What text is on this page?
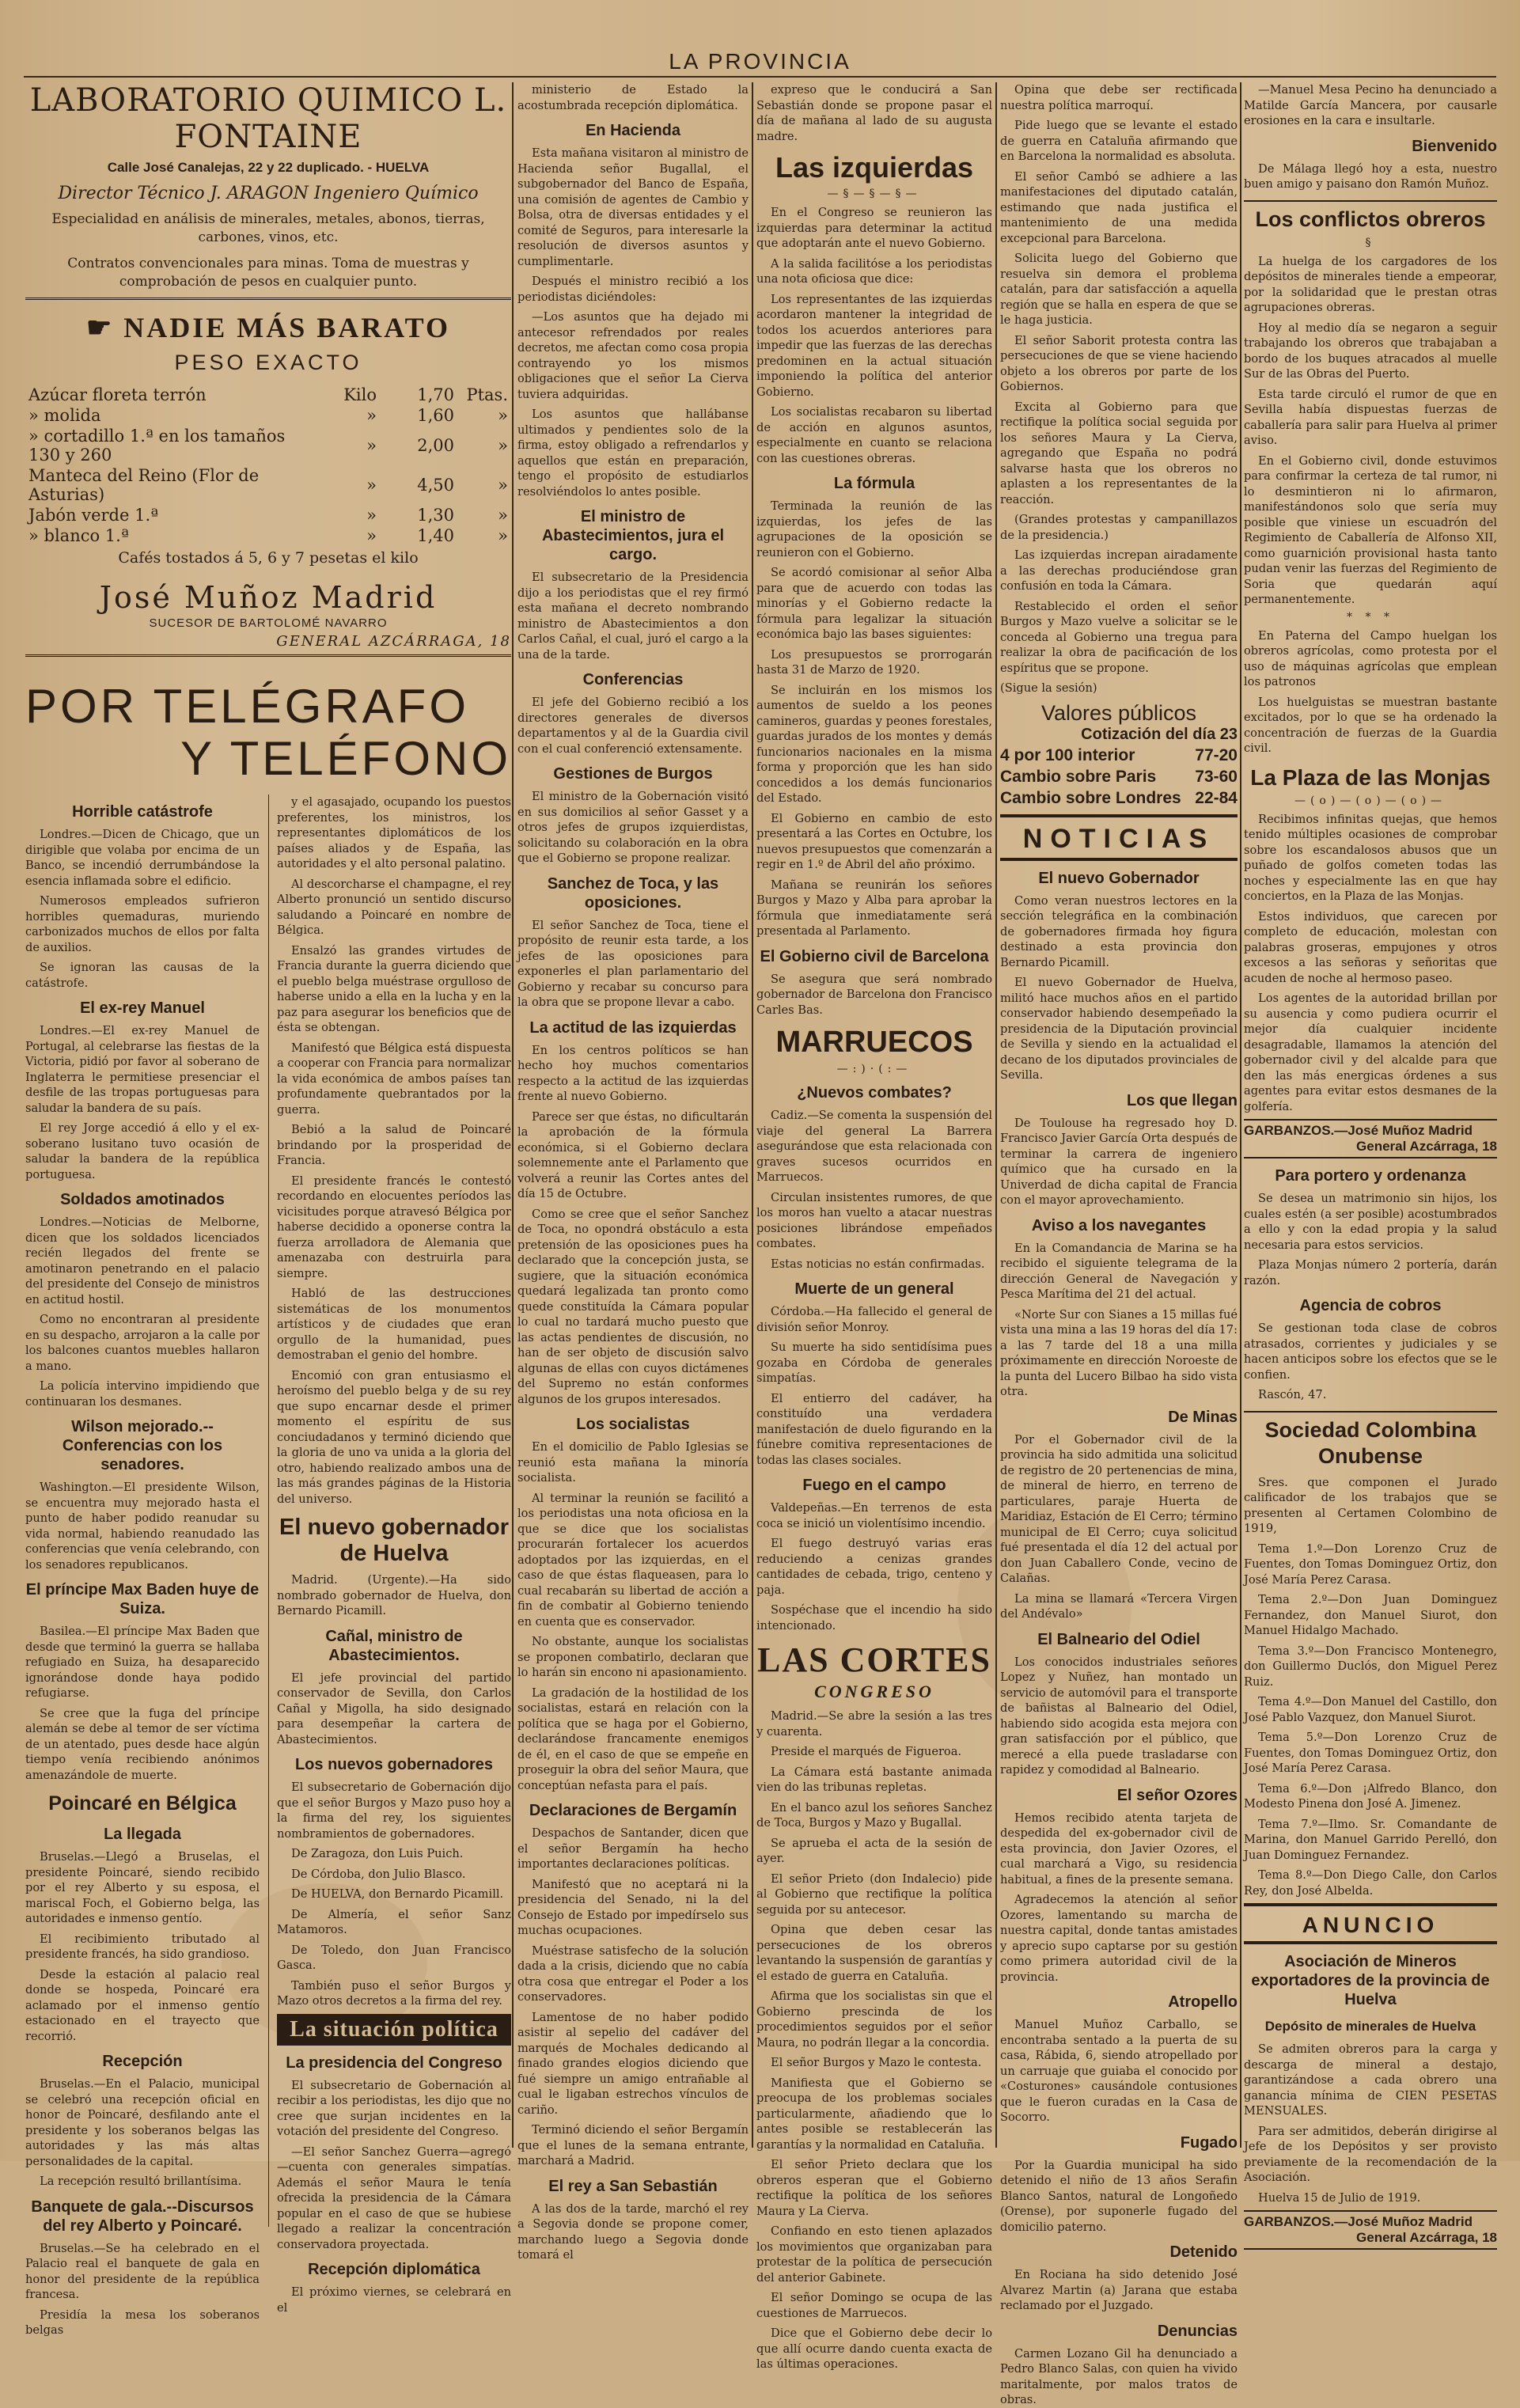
LA PROVINCIA
LABORATORIO QUIMICO L. FONTAINE
Calle José Canalejas, 22 y 22 duplicado. - HUELVA
Director Técnico J. ARAGON Ingeniero Químico
Especialidad en análisis de minerales, metales, abonos, tierras, carbones, vinos, etc.
Contratos convencionales para minas. Toma de muestras y comprobación de pesos en cualquier punto.
☛ NADIE MÁS BARATO
PESO EXACTO
Azúcar floreta terrón	Kilo	1,70	Ptas.
» molida	»	1,60	»
» cortadillo 1.ª en los tamaños 130 y 260	»	2,00	»
Manteca del Reino (Flor de Asturias)	»	4,50	»
Jabón verde 1.ª	»	1,30	»
» blanco 1.ª	»	1,40	»
Cafés tostados á 5, 6 y 7 pesetas el kilo
José Muñoz Madrid
SUCESOR DE BARTOLOMÉ NAVARRO
GENERAL AZCÁRRAGA, 18
POR TELÉGRAFO
Y TELÉFONO
Horrible catástrofe

Londres.—Dicen de Chicago, que un dirigible que volaba por encima de un Banco, se incendió derrumbándose la esencia inflamada sobre el edificio.

Numerosos empleados sufrieron horribles quemaduras, muriendo carbonizados muchos de ellos por falta de auxilios.

Se ignoran las causas de la catástrofe.

El ex-rey Manuel

Londres.—El ex-rey Manuel de Portugal, al celebrarse las fiestas de la Victoria, pidió por favor al soberano de Inglaterra le permitiese presenciar el desfile de las tropas portuguesas para saludar la bandera de su país.

El rey Jorge accedió á ello y el ex-soberano lusitano tuvo ocasión de saludar la bandera de la república portuguesa.

Soldados amotinados

Londres.—Noticias de Melborne, dicen que los soldados licenciados recién llegados del frente se amotinaron penetrando en el palacio del presidente del Consejo de ministros en actitud hostil.

Como no encontraran al presidente en su despacho, arrojaron a la calle por los balcones cuantos muebles hallaron a mano.

La policía intervino impidiendo que continuaran los desmanes.

Wilson mejorado.--Conferencias con los senadores.

Washington.—El presidente Wilson, se encuentra muy mejorado hasta el punto de haber podido reanudar su vida normal, habiendo reanudado las conferencias que venía celebrando, con los senadores republicanos.

El príncipe Max Baden huye de Suiza.

Basilea.—El príncipe Max Baden que desde que terminó la guerra se hallaba refugiado en Suiza, ha desaparecido ignorándose donde haya podido refugiarse.

Se cree que la fuga del príncipe alemán se debe al temor de ser víctima de un atentado, pues desde hace algún tiempo venía recibiendo anónimos amenazándole de muerte.

Poincaré en Bélgica
La llegada

Bruselas.—Llegó a Bruselas, el presidente Poincaré, siendo recibido por el rey Alberto y su esposa, el mariscal Foch, el Gobierno belga, las autoridades e inmenso gentío.

El recibimiento tributado al presidente francés, ha sido grandioso.

Desde la estación al palacio real donde se hospeda, Poincaré era aclamado por el inmenso gentío estacionado en el trayecto que recorrió.

Recepción

Bruselas.—En el Palacio, municipal se celebró una recepción oficial en honor de Poincaré, desfilando ante el presidente y los soberanos belgas las autoridades y las más altas personalidades de la capital.

La recepción resultó brillantísima.

Banquete de gala.--Discursos del rey Alberto y Poincaré.

Bruselas.—Se ha celebrado en el Palacio real el banquete de gala en honor del presidente de la república francesa.

Presidía la mesa los soberanos belgas

y el agasajado, ocupando los puestos preferentes, los ministros, los representantes diplomáticos de los países aliados y de España, las autoridades y el alto personal palatino.

Al descorcharse el champagne, el rey Alberto pronunció un sentido discurso saludando a Poincaré en nombre de Bélgica.

Ensalzó las grandes virtudes de Francia durante la guerra diciendo que el pueblo belga muéstrase orgulloso de haberse unido a ella en la lucha y en la paz para asegurar los beneficios que de ésta se obtengan.

Manifestó que Bélgica está dispuesta a cooperar con Francia para normalizar la vida económica de ambos países tan profundamente quebrantados por la guerra.

Bebió a la salud de Poincaré brindando por la prosperidad de Francia.

El presidente francés le contestó recordando en elocuentes períodos las vicisitudes porque atravesó Bélgica por haberse decidido a oponerse contra la fuerza arrolladora de Alemania que amenazaba con destruirla para siempre.

Habló de las destrucciones sistemáticas de los monumentos artísticos y de ciudades que eran orgullo de la humanidad, pues demostraban el genio del hombre.

Encomió con gran entusiasmo el heroísmo del pueblo belga y de su rey que supo encarnar desde el primer momento el espíritu de sus conciudadanos y terminó diciendo que la gloria de uno va unida a la gloria del otro, habiendo realizado ambos una de las más grandes páginas de la Historia del universo.

El nuevo gobernador de Huelva

Madrid. (Urgente).—Ha sido nombrado gobernador de Huelva, don Bernardo Picamill.

Cañal, ministro de Abastecimientos.

El jefe provincial del partido conservador de Sevilla, don Carlos Cañal y Migolla, ha sido designado para desempeñar la cartera de Abastecimientos.

Los nuevos gobernadores

El subsecretario de Gobernación dijo que el señor Burgos y Mazo puso hoy a la firma del rey, los siguientes nombramientos de gobernadores.

De Zaragoza, don Luis Puich.

De Córdoba, don Julio Blasco.

De HUELVA, don Bernardo Picamill.

De Almería, el señor Sanz Matamoros.

De Toledo, don Juan Francisco Gasca.

También puso el señor Burgos y Mazo otros decretos a la firma del rey.

La situación política
La presidencia del Congreso

El subsecretario de Gobernación al recibir a los periodistas, les dijo que no cree que surjan incidentes en la votación del presidente del Congreso.

—El señor Sanchez Guerra—agregó—cuenta con generales simpatías. Además el señor Maura le tenía ofrecida la presidencia de la Cámara popular en el caso de que se hubiese llegado a realizar la concentración conservadora proyectada.

Recepción diplomática

El próximo viernes, se celebrará en el

ministerio de Estado la acostumbrada recepción diplomática.

En Hacienda

Esta mañana visitaron al ministro de Hacienda señor Bugallal, el subgobernador del Banco de España, una comisión de agentes de Cambio y Bolsa, otra de diversas entidades y el comité de Seguros, para interesarle la resolución de diversos asuntos y cumplimentarle.

Después el ministro recibió a los periodistas diciéndoles:

—Los asuntos que ha dejado mi antecesor refrendados por reales decretos, me afectan como cosa propia contrayendo yo los mismos obligaciones que el señor La Cierva tuviera adquiridas.

Los asuntos que hallábanse ultimados y pendientes solo de la firma, estoy obligado a refrendarlos y aquellos que están en preparación, tengo el propósito de estudiarlos resolviéndolos lo antes posible.

El ministro de Abastecimientos, jura el cargo.

El subsecretario de la Presidencia dijo a los periodistas que el rey firmó esta mañana el decreto nombrando ministro de Abastecimientos a don Carlos Cañal, el cual, juró el cargo a la una de la tarde.

Conferencias

El jefe del Gobierno recibió a los directores generales de diversos departamentos y al de la Guardia civil con el cual conferenció extensamente.

Gestiones de Burgos

El ministro de la Gobernación visitó en sus domicilios al señor Gasset y a otros jefes de grupos izquierdistas, solicitando su colaboración en la obra que el Gobierno se propone realizar.

Sanchez de Toca, y las oposiciones.

El señor Sanchez de Toca, tiene el propósito de reunir esta tarde, a los jefes de las oposiciones para exponerles el plan parlamentario del Gobierno y recabar su concurso para la obra que se propone llevar a cabo.

La actitud de las izquierdas

En los centros políticos se han hecho hoy muchos comentarios respecto a la actitud de las izquierdas frente al nuevo Gobierno.

Parece ser que éstas, no dificultarán la aprobación de la fórmula económica, si el Gobierno declara solemnemente ante el Parlamento que volverá a reunir las Cortes antes del día 15 de Octubre.

Como se cree que el señor Sanchez de Toca, no opondrá obstáculo a esta pretensión de las oposiciones pues ha declarado que la concepción justa, se sugiere, que la situación económica quedará legalizada tan pronto como quede constituída la Cámara popular lo cual no tardará mucho puesto que las actas pendientes de discusión, no han de ser objeto de discusión salvo algunas de ellas con cuyos dictámenes del Supremo no están conformes algunos de los grupos interesados.

Los socialistas

En el domicilio de Pablo Iglesias se reunió esta mañana la minoría socialista.

Al terminar la reunión se facilitó a los periodistas una nota oficiosa en la que se dice que los socialistas procurarán fortalecer los acuerdos adoptados por las izquierdas, en el caso de que éstas flaqueasen, para lo cual recabarán su libertad de acción a fin de combatir al Gobierno teniendo en cuenta que es conservador.

No obstante, aunque los socialistas se proponen combatirlo, declaran que lo harán sin encono ni apasionamiento.

La gradación de la hostilidad de los socialistas, estará en relación con la política que se haga por el Gobierno, declarándose francamente enemigos de él, en el caso de que se empeñe en proseguir la obra del señor Maura, que conceptúan nefasta para el país.

Declaraciones de Bergamín

Despachos de Santander, dicen que el señor Bergamín ha hecho importantes declaraciones políticas.

Manifestó que no aceptará ni la presidencia del Senado, ni la del Consejo de Estado por impedírselo sus muchas ocupaciones.

Muéstrase satisfecho de la solución dada a la crisis, diciendo que no cabía otra cosa que entregar el Poder a los conservadores.

Lamentose de no haber podido asistir al sepelio del cadáver del marqués de Mochales dedicando al finado grandes elogios diciendo que fué siempre un amigo entrañable al cual le ligaban estrechos vínculos de cariño.

Terminó diciendo el señor Bergamín que el lunes de la semana entrante, marchará a Madrid.

El rey a San Sebastián

A las dos de la tarde, marchó el rey a Segovia donde se propone comer, marchando luego a Segovia donde tomará el

expreso que le conducirá a San Sebastián donde se propone pasar el día de mañana al lado de su augusta madre.

Las izquierdas
—§—§—§—

En el Congreso se reunieron las izquierdas para determinar la actitud que adoptarán ante el nuevo Gobierno.

A la salida facilitóse a los periodistas una nota oficiosa que dice:

Los representantes de las izquierdas acordaron mantener la integridad de todos los acuerdos anteriores para impedir que las fuerzas de las derechas predominen en la actual situación imponiendo la política del anterior Gobierno.

Los socialistas recabaron su libertad de acción en algunos asuntos, especialmente en cuanto se relaciona con las cuestiones obreras.

La fórmula

Terminada la reunión de las izquierdas, los jefes de las agrupaciones de la oposición se reunieron con el Gobierno.

Se acordó comisionar al señor Alba para que de acuerdo con todas las minorías y el Gobierno redacte la fórmula para legalizar la situación económica bajo las bases siguientes:

Los presupuestos se prorrogarán hasta 31 de Marzo de 1920.

Se incluirán en los mismos los aumentos de sueldo a los peones camineros, guardas y peones forestales, guardas jurados de los montes y demás funcionarios nacionales en la misma forma y proporción que les han sido concedidos a los demás funcionarios del Estado.

El Gobierno en cambio de esto presentará a las Cortes en Octubre, los nuevos presupuestos que comenzarán a regir en 1.º de Abril del año próximo.

Mañana se reunirán los señores Burgos y Mazo y Alba para aprobar la fórmula que inmediatamente será presentada al Parlamento.

El Gobierno civil de Barcelona

Se asegura que será nombrado gobernador de Barcelona don Francisco Carles Bas.

MARRUECOS
—:)·(:—
¿Nuevos combates?

Cadiz.—Se comenta la suspensión del viaje del general La Barrera asegurándose que esta relacionada con graves sucesos ocurridos en Marruecos.

Circulan insistentes rumores, de que los moros han vuelto a atacar nuestras posiciones librándose empeñados combates.

Estas noticias no están confirmadas.

Muerte de un general

Córdoba.—Ha fallecido el general de división señor Monroy.

Su muerte ha sido sentidísima pues gozaba en Córdoba de generales simpatías.

El entierro del cadáver, ha constituído una verdadera manifestación de duelo figurando en la fúnebre comitiva representaciones de todas las clases sociales.

Fuego en el campo

Valdepeñas.—En terrenos de esta coca se inició un violentísimo incendio.

El fuego destruyó varias eras reduciendo a cenizas grandes cantidades de cebada, trigo, centeno y paja.

Sospéchase que el incendio ha sido intencionado.

LAS CORTES
CONGRESO

Madrid.—Se abre la sesión a las tres y cuarenta.

Preside el marqués de Figueroa.

La Cámara está bastante animada vien do las tribunas repletas.

En el banco azul los señores Sanchez de Toca, Burgos y Mazo y Bugallal.

Se aprueba el acta de la sesión de ayer.

El señor Prieto (don Indalecio) pide al Gobierno que rectifique la política seguida por su antecesor.

Opina que deben cesar las persecuciones de los obreros levantando la suspensión de garantías y el estado de guerra en Cataluña.

Afirma que los socialistas sin que el Gobierno prescinda de los procedimientos seguidos por el señor Maura, no podrán llegar a la concordia.

El señor Burgos y Mazo le contesta.

Manifiesta que el Gobierno se preocupa de los problemas sociales particularmente, añadiendo que lo antes posible se restablecerán las garantías y la normalidad en Cataluña.

El señor Prieto declara que los obreros esperan que el Gobierno rectifique la política de los señores Maura y La Cierva.

Confiando en esto tienen aplazados los movimientos que organizaban para protestar de la política de persecución del anterior Gabinete.

El señor Domingo se ocupa de las cuestiones de Marruecos.

Dice que el Gobierno debe decir lo que allí ocurre dando cuenta exacta de las últimas operaciones.

Opina que debe ser rectificada nuestra política marroquí.

Pide luego que se levante el estado de guerra en Cataluña afirmando que en Barcelona la normalidad es absoluta.

El señor Cambó se adhiere a las manifestaciones del diputado catalán, estimando que nada justifica el mantenimiento de una medida excepcional para Barcelona.

Solicita luego del Gobierno que resuelva sin demora el problema catalán, para dar satisfacción a aquella región que se halla en espera de que se le haga justicia.

El señor Saborit protesta contra las persecuciones de que se viene haciendo objeto a los obreros por parte de los Gobiernos.

Excita al Gobierno para que rectifique la política social seguida por los señores Maura y La Cierva, agregando que España no podrá salvarse hasta que los obreros no aplasten a los representantes de la reacción.

(Grandes protestas y campanillazos de la presidencia.)

Las izquierdas increpan airadamente a las derechas produciéndose gran confusión en toda la Cámara.

Restablecido el orden el señor Burgos y Mazo vuelve a solicitar se le conceda al Gobierno una tregua para realizar la obra de pacificación de los espíritus que se propone.

(Sigue la sesión)

Valores públicos
Cotización del día 23
4 por 100 interior	77-20
Cambio sobre Paris 73-60
Cambio sobre Londres 22-84
NOTICIAS
El nuevo Gobernador

Como veran nuestros lectores en la sección telegráfica en la combinación de gobernadores firmada hoy figura destinado a esta provincia don Bernardo Picamill.

El nuevo Gobernador de Huelva, militó hace muchos años en el partido conservador habiendo desempeñado la presidencia de la Diputación provincial de Sevilla y siendo en la actualidad el decano de los diputados provinciales de Sevilla.

Los que llegan

De Toulouse ha regresado hoy D. Francisco Javier García Orta después de terminar la carrera de ingeniero químico que ha cursado en la Univerdad de dicha capital de Francia con el mayor aprovechamiento.

Aviso a los navegantes

En la Comandancia de Marina se ha recibido el siguiente telegrama de la dirección General de Navegación y Pesca Marítima del 21 del actual.

«Norte Sur con Sianes a 15 millas fué vista una mina a las 19 horas del día 17: a las 7 tarde del 18 a una milla próximamente en dirección Noroeste de la punta del Lucero Bilbao ha sido vista otra.

De Minas

Por el Gobernador civil de la provincia ha sido admitida una solicitud de registro de 20 pertenencias de mina, de mineral de hierro, en terreno de particulares, paraje Huerta de Maridiaz, Estación de El Cerro; término municipal de El Cerro; cuya solicitud fué presentada el día 12 del actual por don Juan Caballero Conde, vecino de Calañas.

La mina se llamará «Tercera Virgen del Andévalo»

El Balneario del Odiel

Los conocidos industriales señores Lopez y Nuñez, han montado un servicio de automóvil para el transporte de bañistas al Balneario del Odiel, habiendo sido acogida esta mejora con gran satisfacción por el público, que merecé a ella puede trasladarse con rapidez y comodidad al Balneario.

El señor Ozores

Hemos recibido atenta tarjeta de despedida del ex-gobernador civil de esta provincia, don Javier Ozores, el cual marchará a Vigo, su residencia habitual, a fines de la presente semana.

Agradecemos la atención al señor Ozores, lamentando su marcha de nuestra capital, donde tantas amistades y aprecio supo captarse por su gestión como primera autoridad civil de la provincia.

Atropello

Manuel Muñoz Carballo, se encontraba sentado a la puerta de su casa, Rábida, 6, siendo atropellado por un carruaje que guiaba el conocido por «Costurones» causándole contusiones que le fueron curadas en la Casa de Socorro.

Fugado

Por la Guardia municipal ha sido detenido el niño de 13 años Serafin Blanco Santos, natural de Longoñedo (Orense), por suponerle fugado del domicilio paterno.

Detenido

En Rociana ha sido detenido José Alvarez Martin (a) Jarana que estaba reclamado por el Juzgado.

Denuncias

Carmen Lozano Gil ha denunciado a Pedro Blanco Salas, con quien ha vivido maritalmente, por malos tratos de obras.

—Manuel Mesa Pecino ha denunciado a Matilde García Mancera, por causarle erosiones en la cara e insultarle.

Bienvenido

De Málaga llegó hoy a esta, nuestro buen amigo y paisano don Ramón Muñoz.

Los conflictos obreros
§

La huelga de los cargadores de los depósitos de minerales tiende a empeorar, por la solidaridad que le prestan otras agrupaciones obreras.

Hoy al medio día se negaron a seguir trabajando los obreros que trabajaban a bordo de los buques atracados al muelle Sur de las Obras del Puerto.

Esta tarde circuló el rumor de que en Sevilla había dispuestas fuerzas de caballería para salir para Huelva al primer aviso.

En el Gobierno civil, donde estuvimos para confirmar la certeza de tal rumor, ni lo desmintieron ni lo afirmaron, manifestándonos solo que sería muy posible que viniese un escuadrón del Regimiento de Caballería de Alfonso XII, como guarnición provisional hasta tanto pudan venir las fuerzas del Regimiento de Soria que quedarán aquí permanentemente.

* * *

En Paterna del Campo huelgan los obreros agrícolas, como protesta por el uso de máquinas agrícolas que emplean los patronos

Los huelguistas se muestran bastante excitados, por lo que se ha ordenado la concentración de fuerzas de la Guardia civil.

La Plaza de las Monjas
—(o)—(o)—(o)—

Recibimos infinitas quejas, que hemos tenido múltiples ocasiones de comprobar sobre los escandalosos abusos que un puñado de golfos cometen todas las noches y especialmente las en que hay conciertos, en la Plaza de las Monjas.

Estos individuos, que carecen por completo de educación, molestan con palabras groseras, empujones y otros excesos a las señoras y señoritas que acuden de noche al hermoso paseo.

Los agentes de la autoridad brillan por su ausencia y como pudiera ocurrir el mejor día cualquier incidente desagradable, llamamos la atención del gobernador civil y del alcalde para que den las más energicas órdenes a sus agentes para evitar estos desmanes de la golfería.

GARBANZOS.—José Muñoz Madrid
General Azcárraga, 18
Para portero y ordenanza

Se desea un matrimonio sin hijos, los cuales estén (a ser posible) acostumbrados a ello y con la edad propia y la salud necesaria para estos servicios.

Plaza Monjas número 2 portería, darán razón.

Agencia de cobros

Se gestionan toda clase de cobros atrasados, corrientes y judiciales y se hacen anticipos sobre los efectos que se le confien.

Rascón, 47.

Sociedad Colombina Onubense

Sres. que componen el Jurado calificador de los trabajos que se presenten al Certamen Colombino de 1919,

Tema 1.º—Don Lorenzo Cruz de Fuentes, don Tomas Dominguez Ortiz, don José María Perez Carasa.

Tema 2.º—Don Juan Dominguez Fernandez, don Manuel Siurot, don Manuel Hidalgo Machado.

Tema 3.º—Don Francisco Montenegro, don Guillermo Duclós, don Miguel Perez Ruiz.

Tema 4.º—Don Manuel del Castillo, don José Pablo Vazquez, don Manuel Siurot.

Tema 5.º—Don Lorenzo Cruz de Fuentes, don Tomas Dominguez Ortiz, don José María Perez Carasa.

Tema 6.º—Don ¡Alfredo Blanco, don Modesto Pinena don José A. Jimenez.

Tema 7.º—Ilmo. Sr. Comandante de Marina, don Manuel Garrido Perelló, don Juan Dominguez Fernandez.

Tema 8.º—Don Diego Calle, don Carlos Rey, don José Albelda.

ANUNCIO
Asociación de Mineros exportadores de la provincia de Huelva
Depósito de minerales de Huelva

Se admiten obreros para la carga y descarga de mineral a destajo, garantizándose a cada obrero una ganancia mínima de CIEN PESETAS MENSUALES.

Para ser admitidos, deberán dirigirse al Jefe de los Depósitos y ser provisto previamente de la recomendación de la Asociación.

Huelva 15 de Julio de 1919.

GARBANZOS.—José Muñoz Madrid
General Azcárraga, 18
